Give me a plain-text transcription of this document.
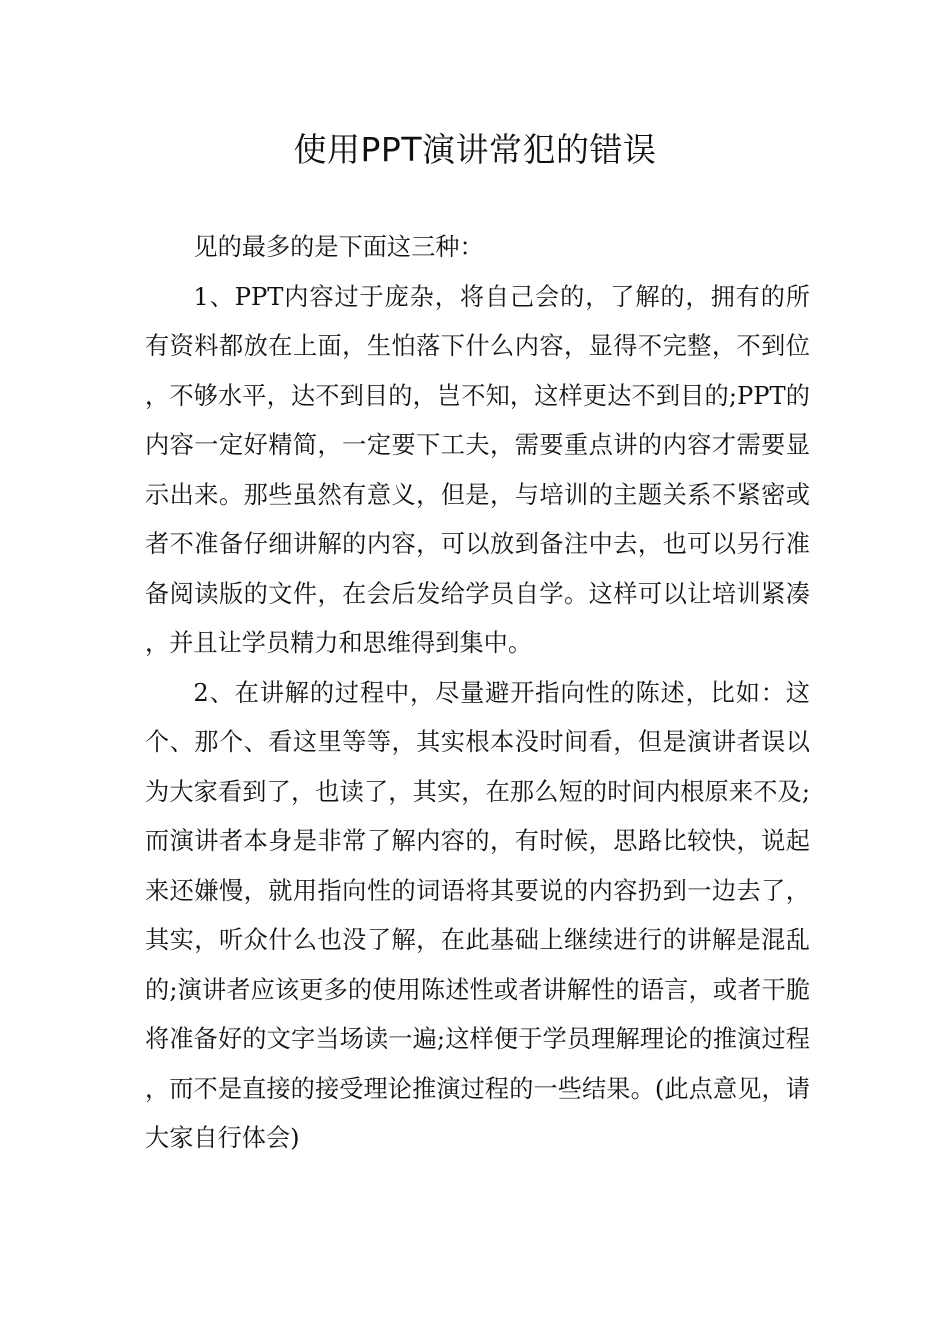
使用PPT演讲常犯的错误

见的最多的是下面这三种：

1、PPT内容过于庞杂，将自己会的，了解的，拥有的所有资料都放在上面，生怕落下什么内容，显得不完整，不到位，不够水平，达不到目的，岂不知，这样更达不到目的;PPT的内容一定好精简，一定要下工夫，需要重点讲的内容才需要显示出来。那些虽然有意义，但是，与培训的主题关系不紧密或者不准备仔细讲解的内容，可以放到备注中去，也可以另行准备阅读版的文件，在会后发给学员自学。这样可以让培训紧凑，并且让学员精力和思维得到集中。

2、在讲解的过程中，尽量避开指向性的陈述，比如：这个、那个、看这里等等，其实根本没时间看，但是演讲者误以为大家看到了，也读了，其实，在那么短的时间内根原来不及;而演讲者本身是非常了解内容的，有时候，思路比较快，说起来还嫌慢，就用指向性的词语将其要说的内容扔到一边去了，其实，听众什么也没了解，在此基础上继续进行的讲解是混乱的;演讲者应该更多的使用陈述性或者讲解性的语言，或者干脆将准备好的文字当场读一遍;这样便于学员理解理论的推演过程，而不是直接的接受理论推演过程的一些结果。(此点意见，请大家自行体会)
